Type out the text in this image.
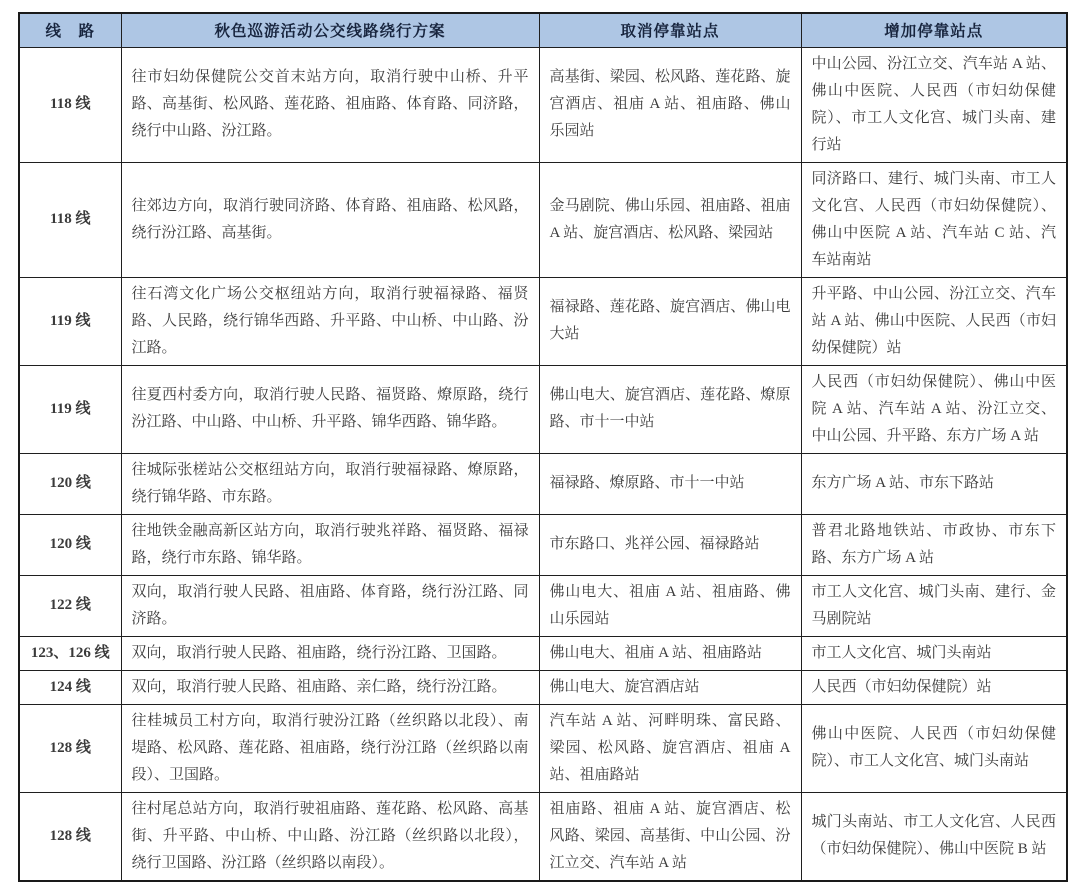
线　路	秋色巡游活动公交线路绕行方案	取消停靠站点	增加停靠站点
118 线	往市妇幼保健院公交首末站方向，取消行驶中山桥、升平路、高基街、松风路、莲花路、祖庙路、体育路、同济路，绕行中山路、汾江路。	高基街、梁园、松风路、莲花路、旋宫酒店、祖庙 A 站、祖庙路、佛山乐园站	中山公园、汾江立交、汽车站 A 站、佛山中医院、人民西（市妇幼保健院）、市工人文化宫、城门头南、建行站
118 线	往郊边方向，取消行驶同济路、体育路、祖庙路、松风路，绕行汾江路、高基街。	金马剧院、佛山乐园、祖庙路、祖庙 A 站、旋宫酒店、松风路、梁园站	同济路口、建行、城门头南、市工人文化宫、人民西（市妇幼保健院）、佛山中医院 A 站、汽车站 C 站、汽车站南站
119 线	往石湾文化广场公交枢纽站方向，取消行驶福禄路、福贤路、人民路，绕行锦华西路、升平路、中山桥、中山路、汾江路。	福禄路、莲花路、旋宫酒店、佛山电大站	升平路、中山公园、汾江立交、汽车站 A 站、佛山中医院、人民西（市妇幼保健院）站
119 线	往夏西村委方向，取消行驶人民路、福贤路、燎原路，绕行汾江路、中山路、中山桥、升平路、锦华西路、锦华路。	佛山电大、旋宫酒店、莲花路、燎原路、市十一中站	人民西（市妇幼保健院）、佛山中医院 A 站、汽车站 A 站、汾江立交、中山公园、升平路、东方广场 A 站
120 线	往城际张槎站公交枢纽站方向，取消行驶福禄路、燎原路，绕行锦华路、市东路。	福禄路、燎原路、市十一中站	东方广场 A 站、市东下路站
120 线	往地铁金融高新区站方向，取消行驶兆祥路、福贤路、福禄路，绕行市东路、锦华路。	市东路口、兆祥公园、福禄路站	普君北路地铁站、市政协、市东下路、东方广场 A 站
122 线	双向，取消行驶人民路、祖庙路、体育路，绕行汾江路、同济路。	佛山电大、祖庙 A 站、祖庙路、佛山乐园站	市工人文化宫、城门头南、建行、金马剧院站
123、126 线	双向，取消行驶人民路、祖庙路，绕行汾江路、卫国路。	佛山电大、祖庙 A 站、祖庙路站	市工人文化宫、城门头南站
124 线	双向，取消行驶人民路、祖庙路、亲仁路，绕行汾江路。	佛山电大、旋宫酒店站	人民西（市妇幼保健院）站
128 线	往桂城员工村方向，取消行驶汾江路（丝织路以北段）、南堤路、松风路、莲花路、祖庙路，绕行汾江路（丝织路以南段）、卫国路。	汽车站 A 站、河畔明珠、富民路、梁园、松风路、旋宫酒店、祖庙 A 站、祖庙路站	佛山中医院、人民西（市妇幼保健院）、市工人文化宫、城门头南站
128 线	往村尾总站方向，取消行驶祖庙路、莲花路、松风路、高基街、升平路、中山桥、中山路、汾江路（丝织路以北段），绕行卫国路、汾江路（丝织路以南段）。	祖庙路、祖庙 A 站、旋宫酒店、松风路、梁园、高基街、中山公园、汾江立交、汽车站 A 站	城门头南站、市工人文化宫、人民西（市妇幼保健院）、佛山中医院 B 站
